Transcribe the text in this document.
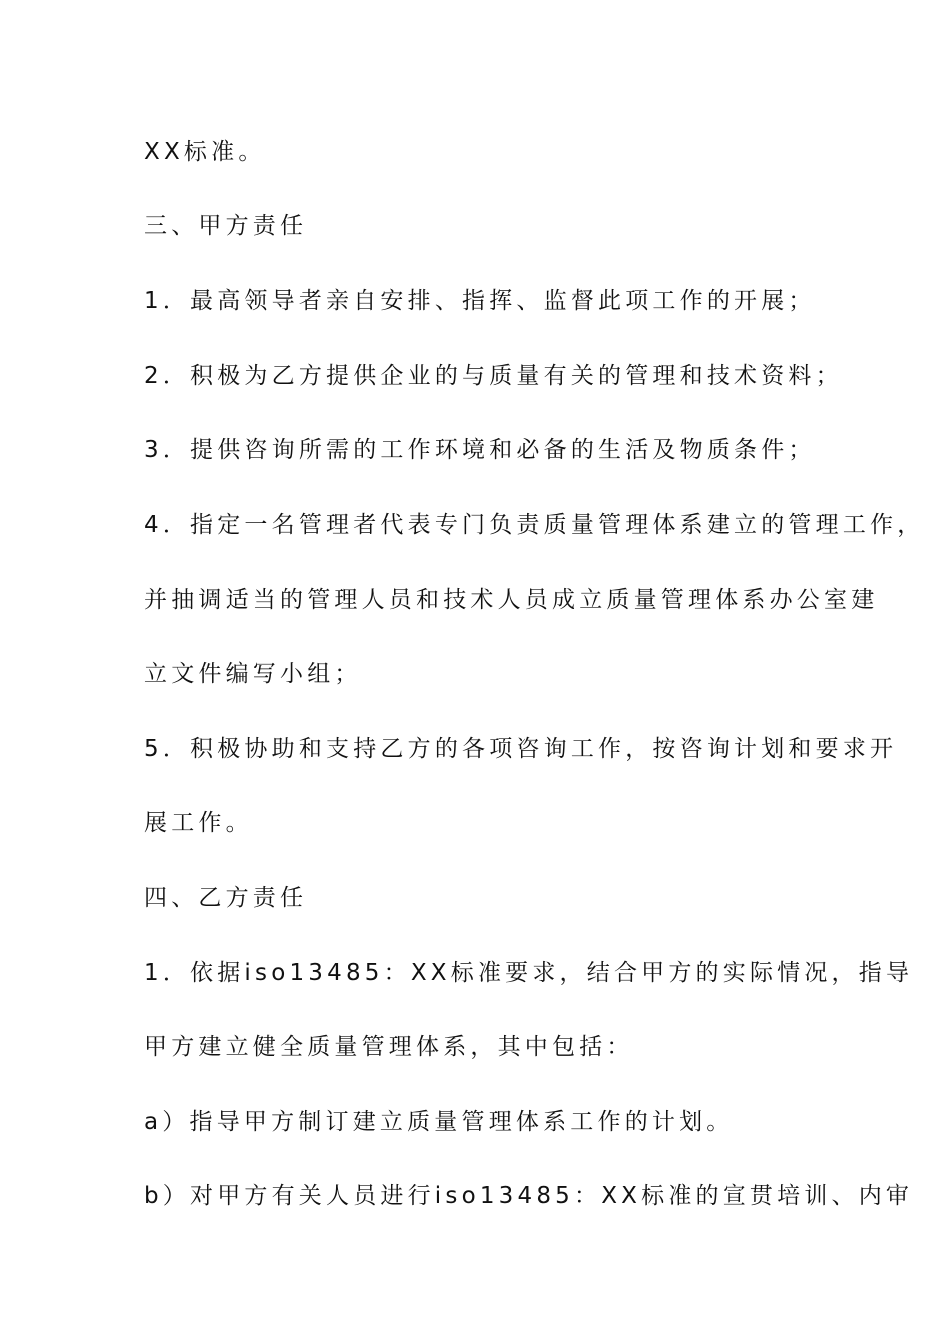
XX标准。
三、甲方责任
1．最高领导者亲自安排、指挥、监督此项工作的开展；
2．积极为乙方提供企业的与质量有关的管理和技术资料；
3．提供咨询所需的工作环境和必备的生活及物质条件；
4．指定一名管理者代表专门负责质量管理体系建立的管理工作，
并抽调适当的管理人员和技术人员成立质量管理体系办公室建
立文件编写小组；
5．积极协助和支持乙方的各项咨询工作，按咨询计划和要求开
展工作。
四、乙方责任
1．依据iso13485：XX标准要求，结合甲方的实际情况，指导
甲方建立健全质量管理体系，其中包括：
a）指导甲方制订建立质量管理体系工作的计划。
b）对甲方有关人员进行iso13485：XX标准的宣贯培训、内审
